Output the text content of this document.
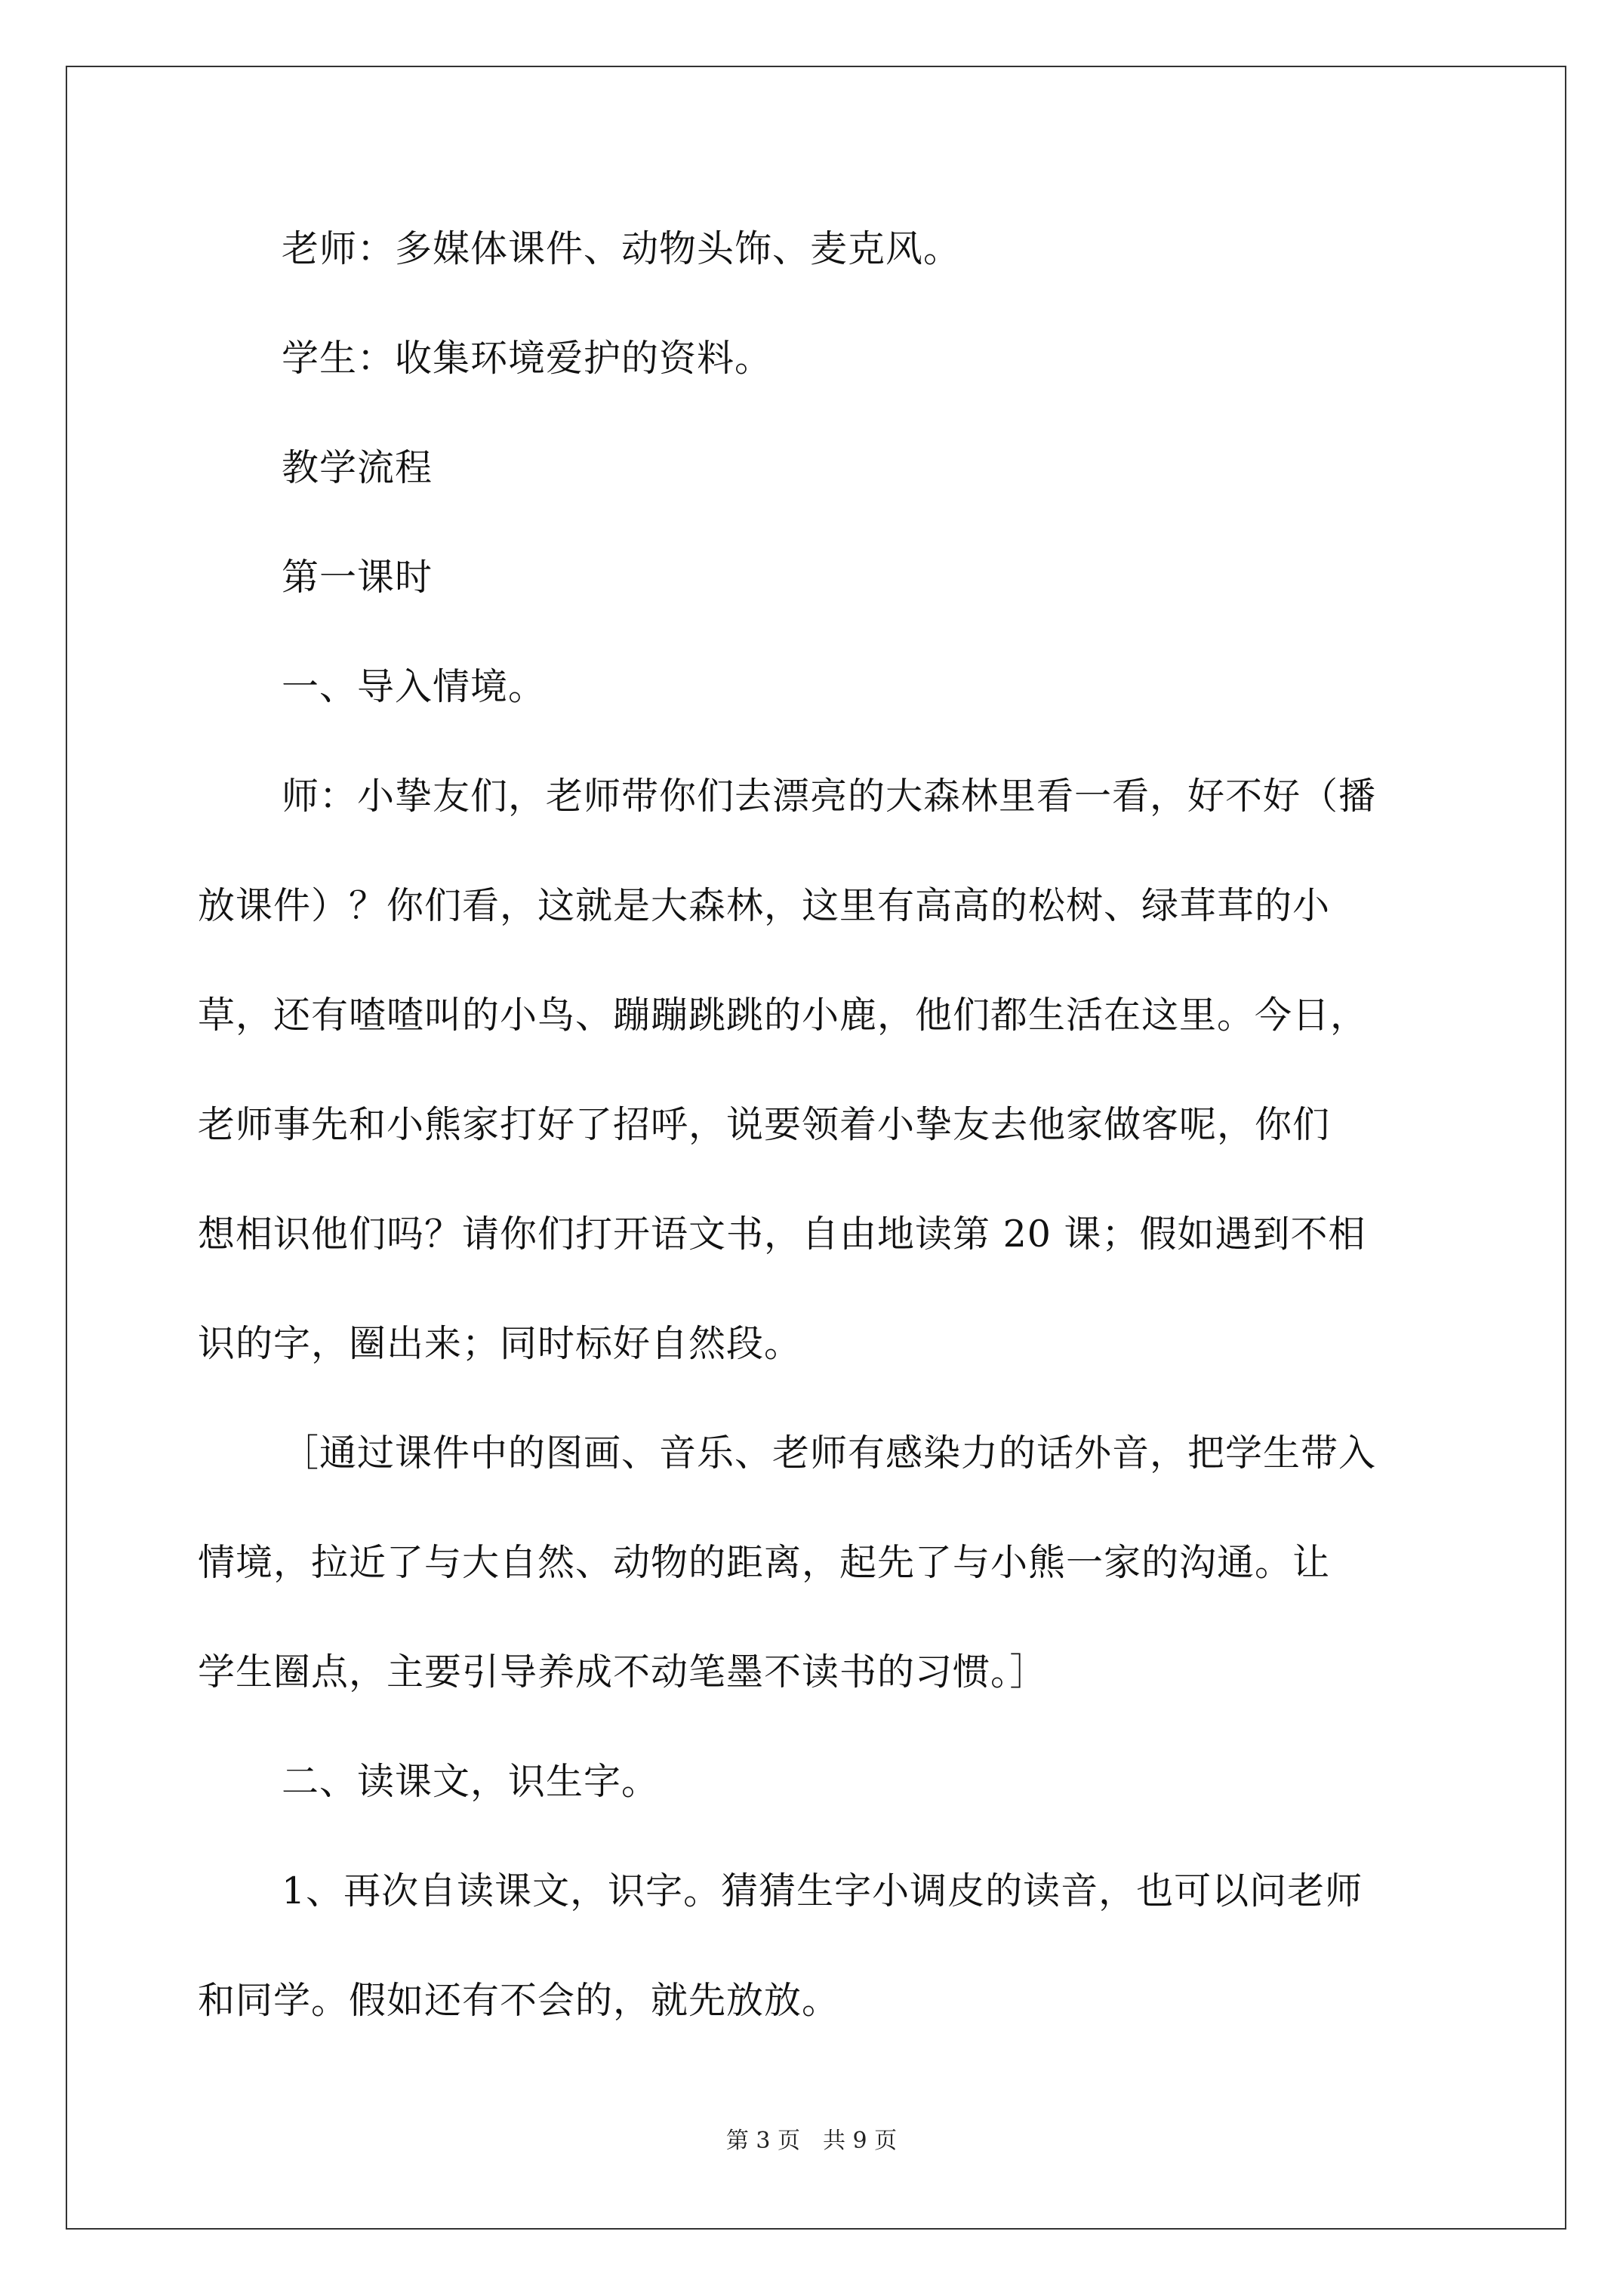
老师：多媒体课件、动物头饰、麦克风。
学生：收集环境爱护的资料。
教学流程
第一课时
一、导入情境。
师：小挚友们，老师带你们去漂亮的大森林里看一看，好不好（播
放课件）？你们看，这就是大森林，这里有高高的松树、绿茸茸的小
草，还有喳喳叫的小鸟、蹦蹦跳跳的小鹿，他们都生活在这里。今日，
老师事先和小熊家打好了招呼，说要领着小挚友去他家做客呢，你们
想相识他们吗？请你们打开语文书，自由地读第 20 课；假如遇到不相
识的字，圈出来；同时标好自然段。
［通过课件中的图画、音乐、老师有感染力的话外音，把学生带入
情境，拉近了与大自然、动物的距离，起先了与小熊一家的沟通。让
学生圈点，主要引导养成不动笔墨不读书的习惯。］
二、读课文，识生字。
1、再次自读课文，识字。猜猜生字小调皮的读音，也可以问老师
和同学。假如还有不会的，就先放放。
第 3 页　共 9 页
